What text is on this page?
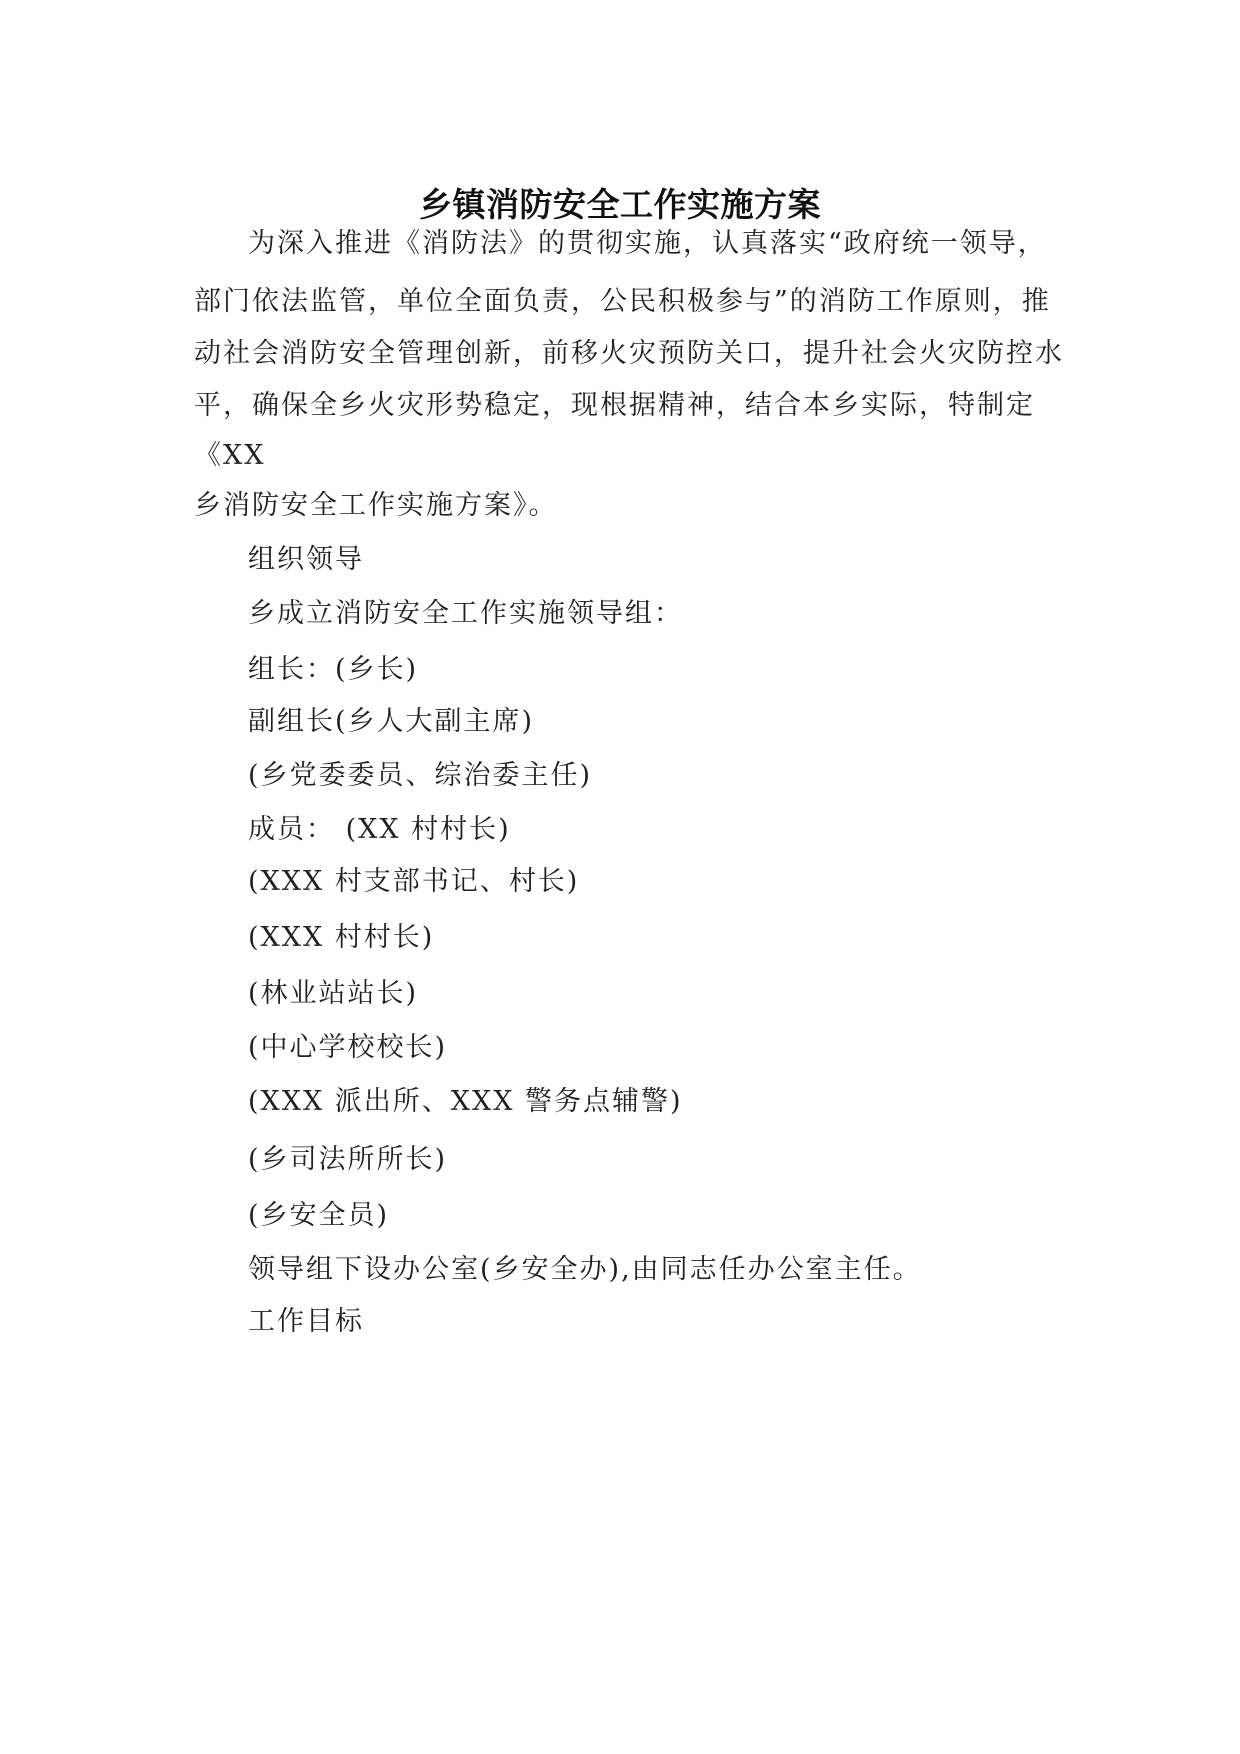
乡镇消防安全工作实施方案
为深入推进《消防法》的贯彻实施，认真落实“政府统一领导，
部门依法监管，单位全面负责，公民积极参与”的消防工作原则，推
动社会消防安全管理创新，前移火灾预防关口，提升社会火灾防控水
平，确保全乡火灾形势稳定，现根据精神，结合本乡实际，特制定
《XX
乡消防安全工作实施方案》。
组织领导
乡成立消防安全工作实施领导组：
组长：(乡长)
副组长(乡人大副主席)
(乡党委委员、综治委主任)
成员： (XX 村村长)
(XXX 村支部书记、村长)
(XXX 村村长)
(林业站站长)
(中心学校校长)
(XXX 派出所、XXX 警务点辅警)
(乡司法所所长)
(乡安全员)
领导组下设办公室(乡安全办),由同志任办公室主任。
工作目标
